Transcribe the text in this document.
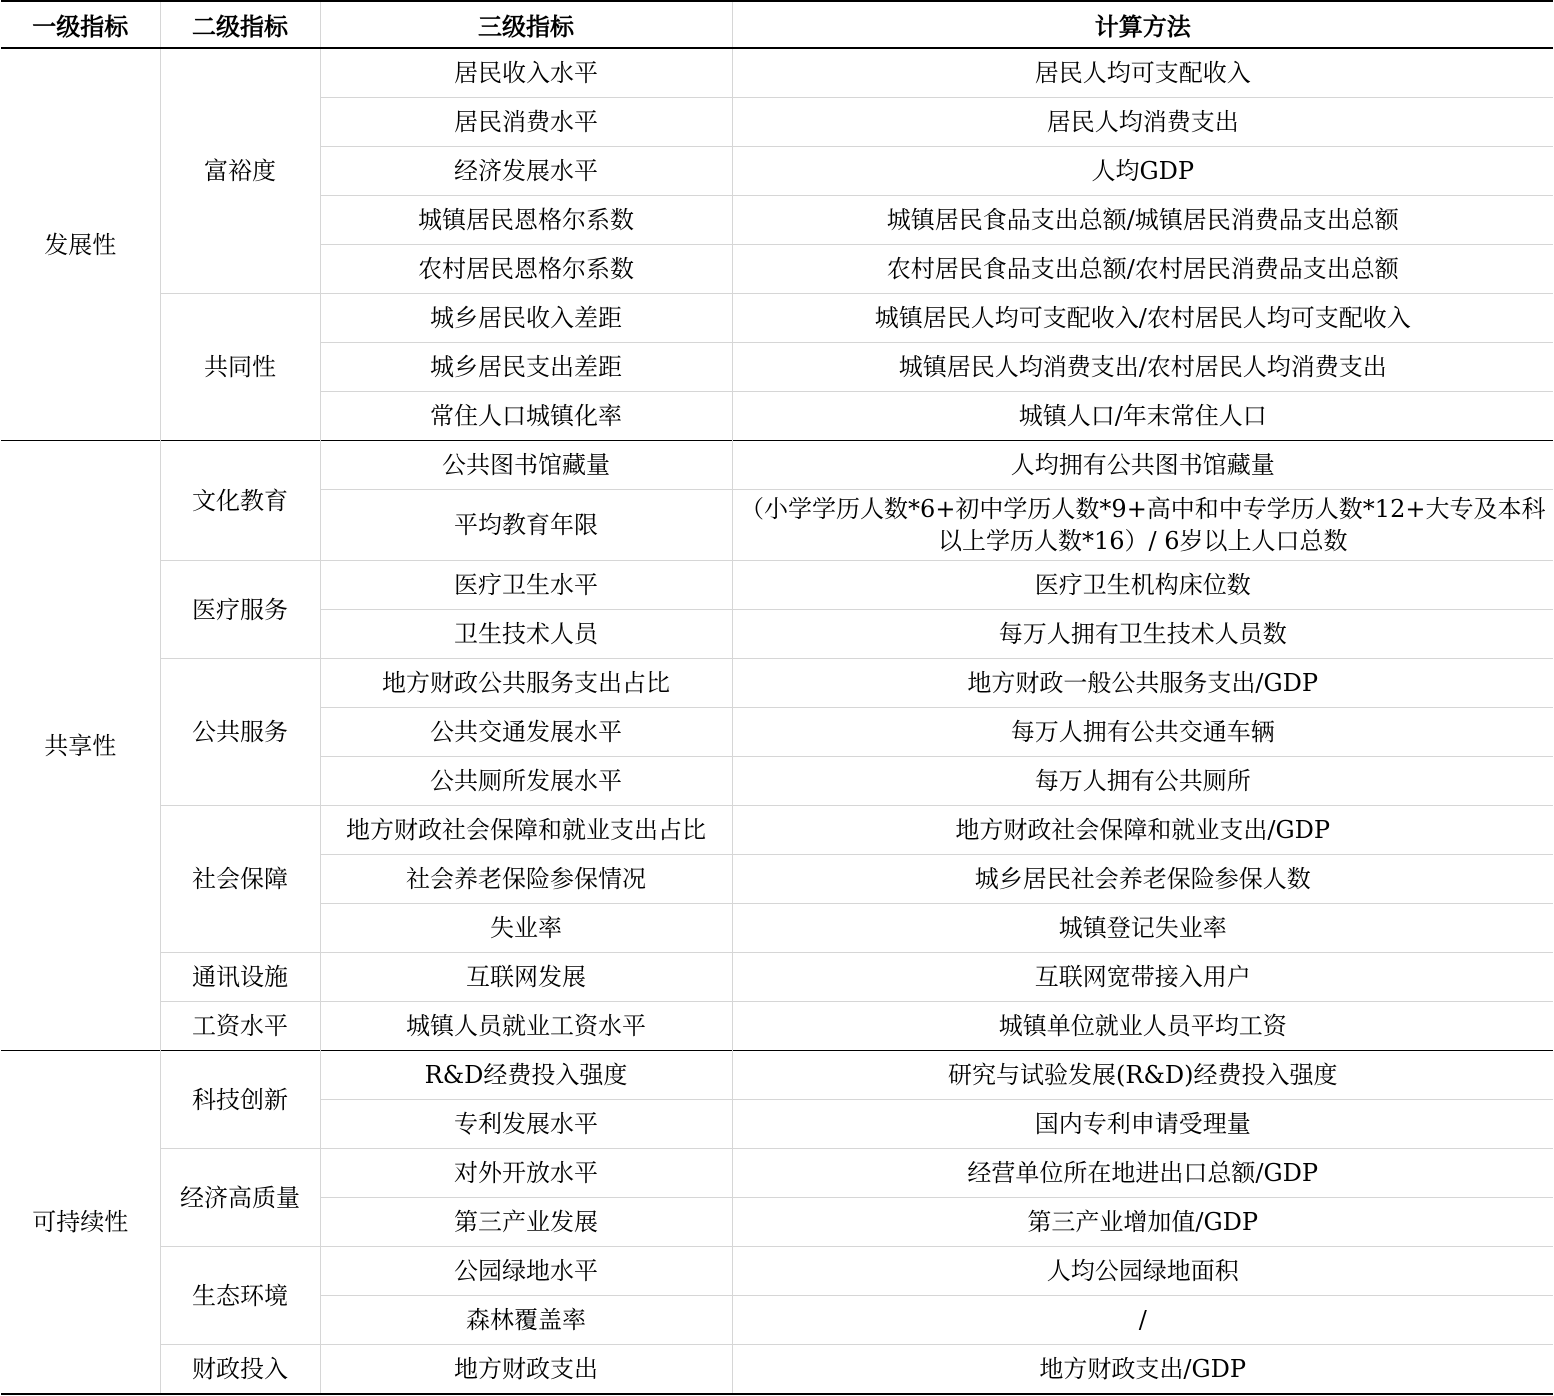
一级指标	二级指标	三级指标	计算方法
发展性	富裕度	居民收入水平	居民人均可支配收入
		居民消费水平	居民人均消费支出
		经济发展水平	人均GDP
		城镇居民恩格尔系数	城镇居民食品支出总额/城镇居民消费品支出总额
		农村居民恩格尔系数	农村居民食品支出总额/农村居民消费品支出总额
	共同性	城乡居民收入差距	城镇居民人均可支配收入/农村居民人均可支配收入
		城乡居民支出差距	城镇居民人均消费支出/农村居民人均消费支出
		常住人口城镇化率	城镇人口/年末常住人口
共享性	文化教育	公共图书馆藏量	人均拥有公共图书馆藏量
		平均教育年限	（小学学历人数*6+初中学历人数*9+高中和中专学历人数*12+大专及本科以上学历人数*16）/ 6岁以上人口总数
	医疗服务	医疗卫生水平	医疗卫生机构床位数
		卫生技术人员	每万人拥有卫生技术人员数
	公共服务	地方财政公共服务支出占比	地方财政一般公共服务支出/GDP
		公共交通发展水平	每万人拥有公共交通车辆
		公共厕所发展水平	每万人拥有公共厕所
	社会保障	地方财政社会保障和就业支出占比	地方财政社会保障和就业支出/GDP
		社会养老保险参保情况	城乡居民社会养老保险参保人数
		失业率	城镇登记失业率
	通讯设施	互联网发展	互联网宽带接入用户
	工资水平	城镇人员就业工资水平	城镇单位就业人员平均工资
可持续性	科技创新	R&D经费投入强度	研究与试验发展(R&D)经费投入强度
		专利发展水平	国内专利申请受理量
	经济高质量	对外开放水平	经营单位所在地进出口总额/GDP
		第三产业发展	第三产业增加值/GDP
	生态环境	公园绿地水平	人均公园绿地面积
		森林覆盖率	/
	财政投入	地方财政支出	地方财政支出/GDP
